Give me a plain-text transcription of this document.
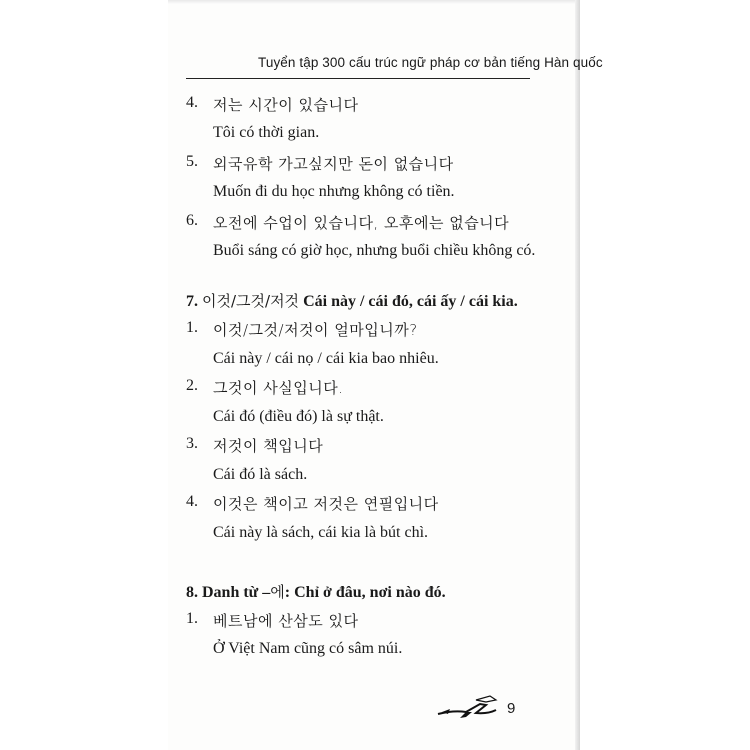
Tuyển tập 300 cấu trúc ngữ pháp cơ bản tiếng Hàn quốc
4. 저는 시간이 있습니다
Tôi có thời gian.
5. 외국유학 가고싶지만 돈이 없습니다
Muốn đi du học nhưng không có tiền.
6. 오전에 수업이 있습니다, 오후에는 없습니다
Buổi sáng có giờ học, nhưng buổi chiều không có.
7. 이것/그것/저것 Cái này / cái đó, cái ấy / cái kia.
1. 이것/그것/저것이 얼마입니까?
Cái này / cái nọ / cái kia bao nhiêu.
2. 그것이 사실입니다.
Cái đó (điều đó) là sự thật.
3. 저것이 책입니다
Cái đó là sách.
4. 이것은 책이고 저것은 연필입니다
Cái này là sách, cái kia là bút chì.
8. Danh từ –에: Chỉ ở đâu, nơi nào đó.
1. 베트남에 산삼도 있다
Ở Việt Nam cũng có sâm núi.
9
